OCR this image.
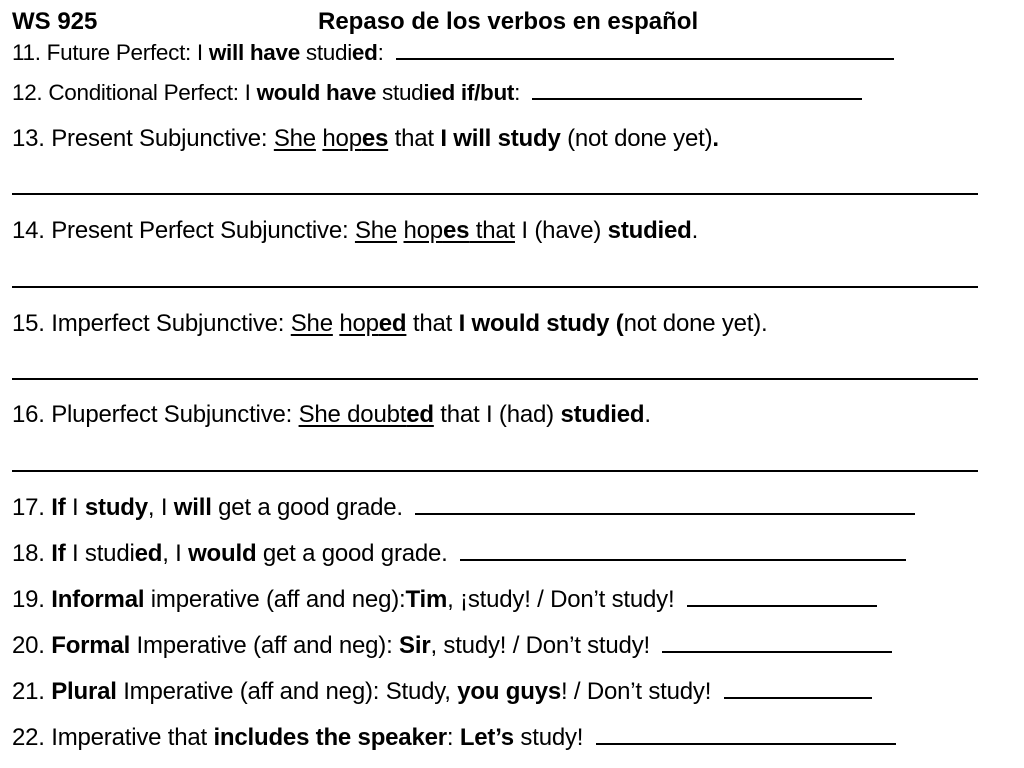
WS 925	Repaso de los verbos en español
11. Future Perfect: I will have studied:
12. Conditional Perfect: I would have studied if/but:
13. Present Subjunctive: She hopes that I will study (not done yet).
14. Present Perfect Subjunctive: She hopes that I (have) studied.
15. Imperfect Subjunctive: She hoped that I would study (not done yet).
16. Pluperfect Subjunctive: She doubted that I (had) studied.
17. If I study, I will get a good grade.
18. If I studied, I would get a good grade.
19. Informal imperative (aff and neg):Tim, ¡study! / Don’t study!
20. Formal Imperative (aff and neg): Sir, study! / Don’t study!
21. Plural Imperative (aff and neg): Study, you guys! / Don’t study!
22. Imperative that includes the speaker: Let’s study!
